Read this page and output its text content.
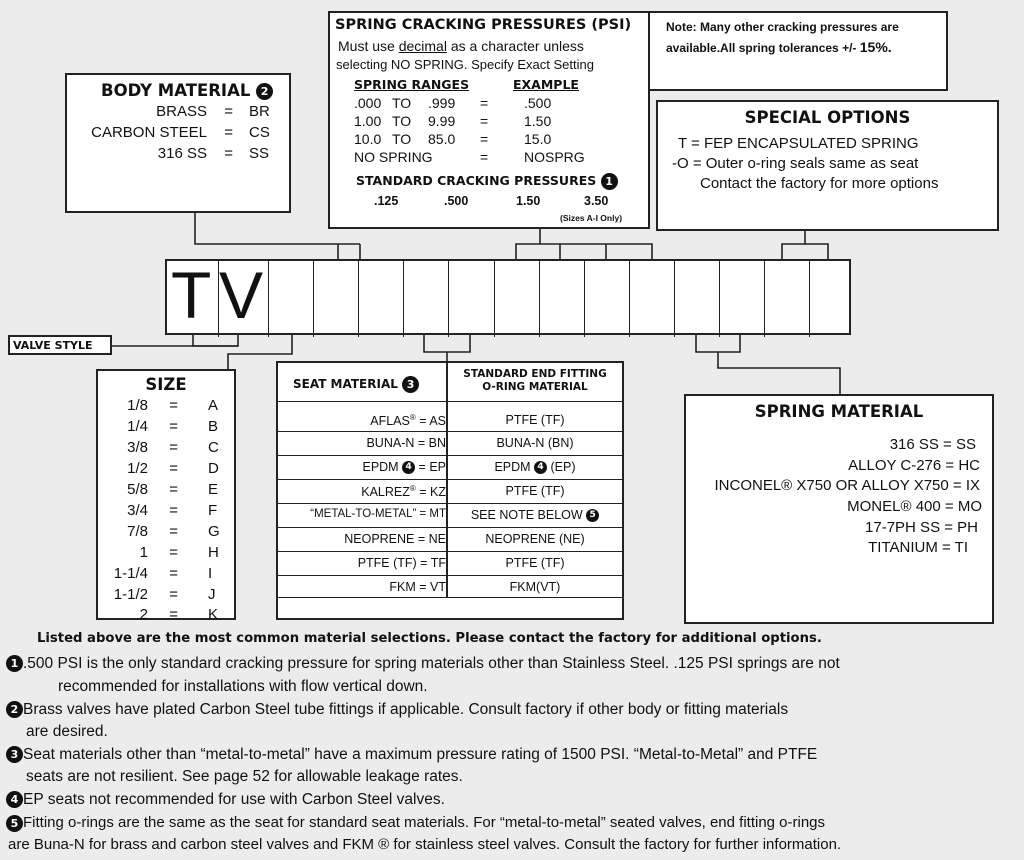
BODY MATERIAL 2
BRASS = BR
CARBON STEEL = CS
316 SS = SS
SPRING CRACKING PRESSURES (PSI)
Must use decimal as a character unless
selecting NO SPRING. Specify Exact Setting
SPRING RANGES	EXAMPLE
.000 TO .999 =	.500
1.00 TO 9.99 =	1.50
10.0 TO 85.0 =	15.0
NO SPRING	=	NOSPRG
STANDARD CRACKING PRESSURES 1
.125	.500	1.50	3.50
(Sizes A-I Only)
Note: Many other cracking pressures are
available.All spring tolerances +/- 15%.
SPECIAL OPTIONS
T = FEP ENCAPSULATED SPRING
-O = Outer o-ring seals same as seat
Contact the factory for more options
T V
VALVE STYLE
SIZE
1/8 = A
1/4 = B
3/8 = C
1/2 = D
5/8 = E
3/4 = F
7/8 = G
1 = H
1-1/4 = I
1-1/2 = J
2 = K
SEAT MATERIAL 3
STANDARD END FITTING
O-RING MATERIAL
AFLAS® = AS	PTFE (TF)
BUNA-N = BN	BUNA-N (BN)
EPDM 4 = EP	EPDM 4 (EP)
KALREZ® = KZ	PTFE (TF)
“METAL-TO-METAL” = MT	SEE NOTE BELOW 5
NEOPRENE = NE	NEOPRENE (NE)
PTFE (TF) = TF	PTFE (TF)
FKM = VT	FKM(VT)
SPRING MATERIAL
316 SS = SS
ALLOY C-276 = HC
INCONEL® X750 OR ALLOY X750 = IX
MONEL® 400 = MO
17-7PH SS = PH
TITANIUM = TI
Listed above are the most common material selections. Please contact the factory for additional options.
1 .500 PSI is the only standard cracking pressure for spring materials other than Stainless Steel. .125 PSI springs are not
recommended for installations with flow vertical down.
2 Brass valves have plated Carbon Steel tube fittings if applicable. Consult factory if other body or fitting materials
are desired.
3 Seat materials other than “metal-to-metal” have a maximum pressure rating of 1500 PSI. “Metal-to-Metal” and PTFE
seats are not resilient. See page 52 for allowable leakage rates.
4 EP seats not recommended for use with Carbon Steel valves.
5 Fitting o-rings are the same as the seat for standard seat materials. For “metal-to-metal” seated valves, end fitting o-rings
are Buna-N for brass and carbon steel valves and FKM ® for stainless steel valves. Consult the factory for further information.
